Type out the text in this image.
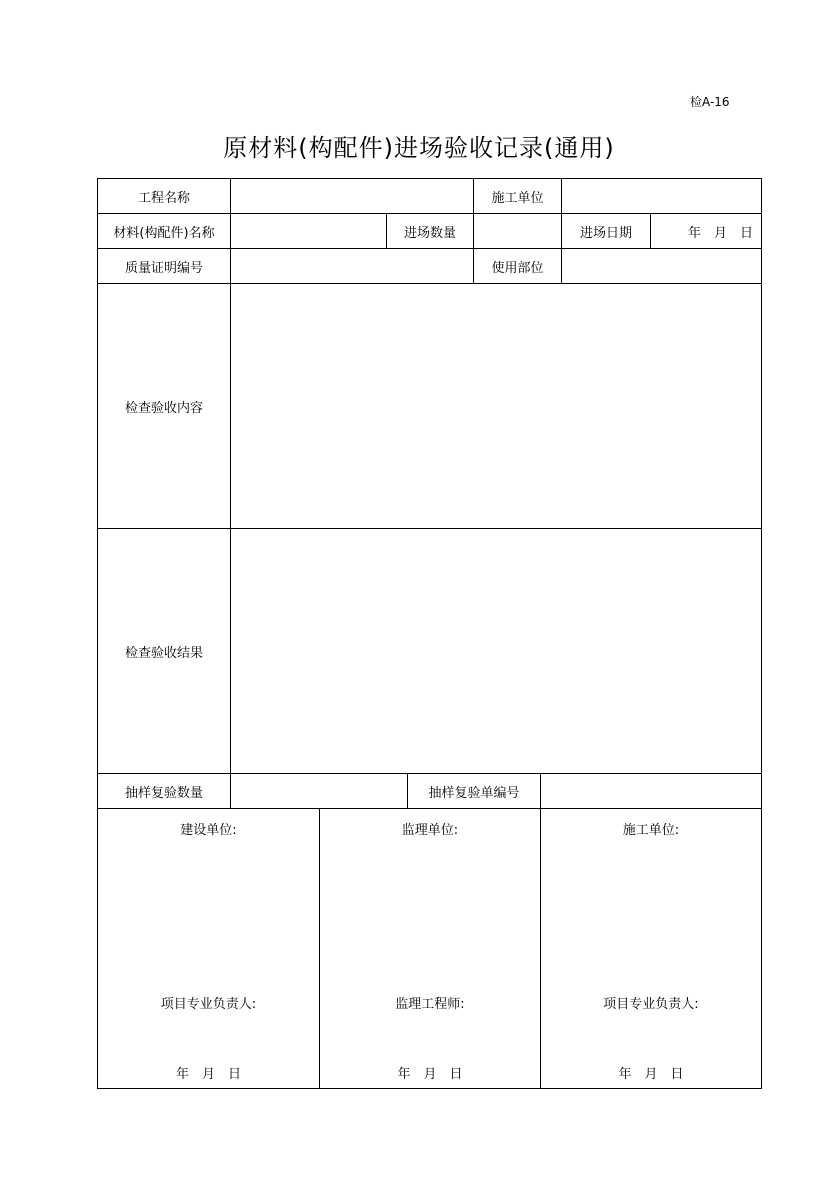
检A-16
原材料(构配件)进场验收记录(通用)
工程名称	施工单位
材料(构配件)名称	进场数量	进场日期	年　月　日
质量证明编号	使用部位
检查验收内容
检查验收结果
抽样复验数量	抽样复验单编号
建设单位:
项目专业负责人:
年　月　日
监理单位:
监理工程师:
年　月　日
施工单位:
项目专业负责人:
年　月　日
